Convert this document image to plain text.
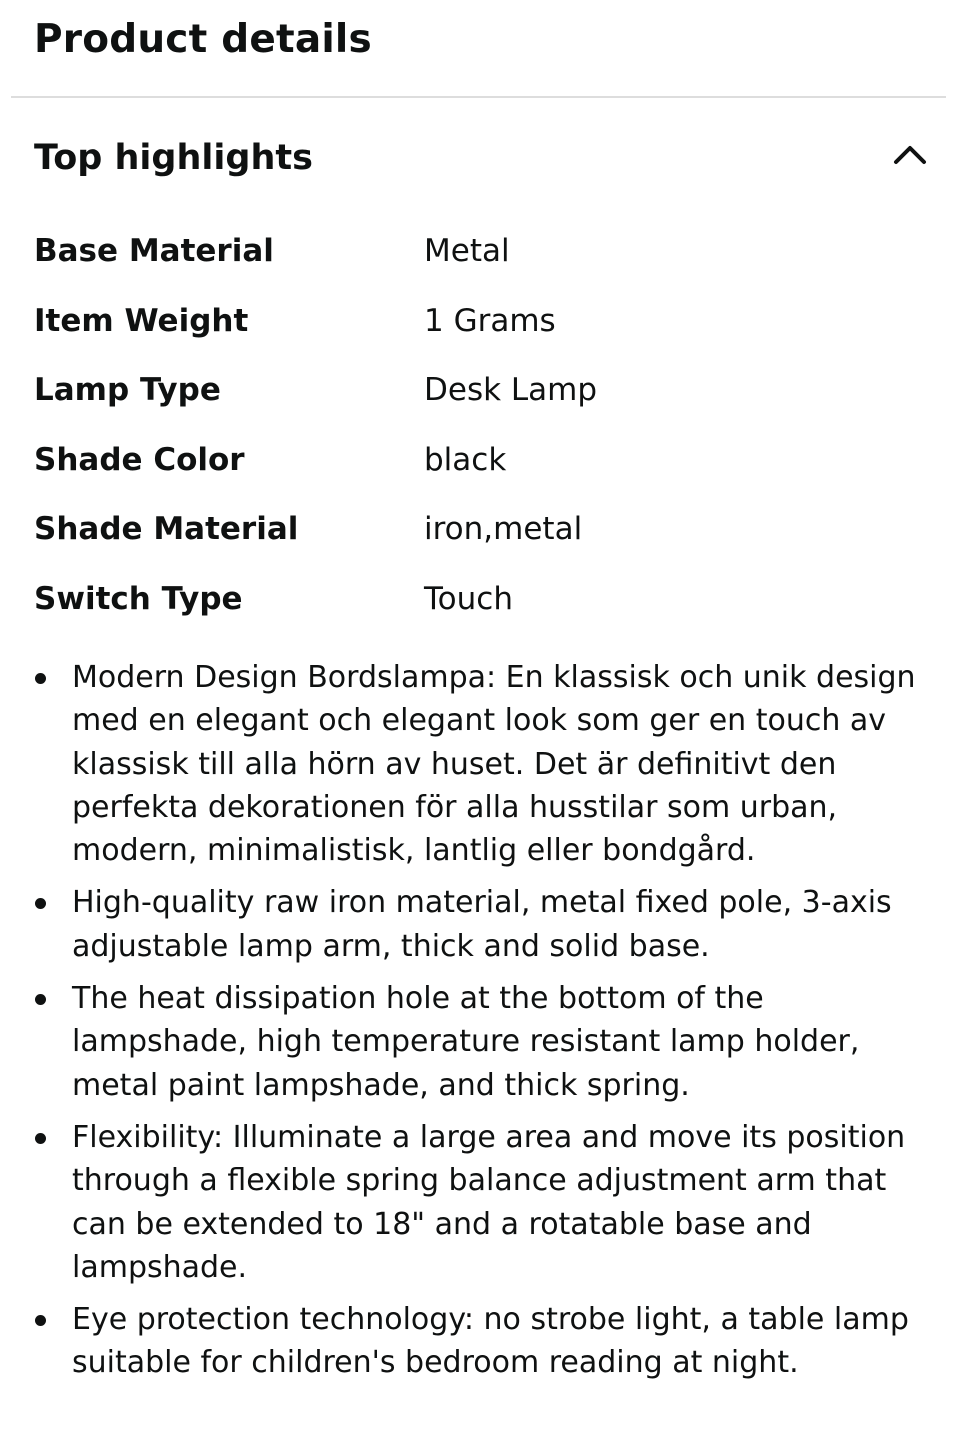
Product details
Top highlights
Base Material	Metal
Item Weight	1 Grams
Lamp Type	Desk Lamp
Shade Color	black
Shade Material	iron,metal
Switch Type	Touch
Modern Design Bordslampa: En klassisk och unik design med en elegant och elegant look som ger en touch av klassisk till alla hörn av huset. Det är definitivt den perfekta dekorationen för alla husstilar som urban, modern, minimalistisk, lantlig eller bondgård.
High-quality raw iron material, metal fixed pole, 3-axis adjustable lamp arm, thick and solid base.
The heat dissipation hole at the bottom of the lampshade, high temperature resistant lamp holder, metal paint lampshade, and thick spring.
Flexibility: Illuminate a large area and move its position through a flexible spring balance adjustment arm that can be extended to 18" and a rotatable base and lampshade.
Eye protection technology: no strobe light, a table lamp suitable for children's bedroom reading at night.
